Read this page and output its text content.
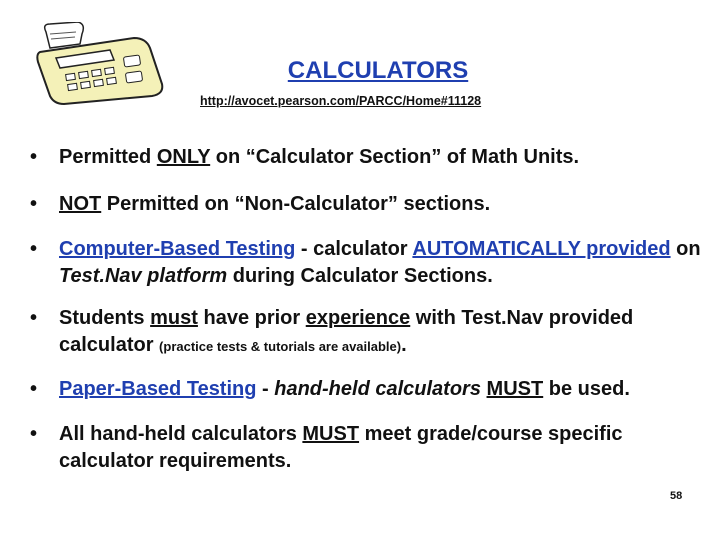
CALCULATORS
http://avocet.pearson.com/PARCC/Home#11128
• Permitted ONLY on “Calculator Section” of Math Units.
• NOT Permitted on “Non-Calculator” sections.
• Computer-Based Testing - calculator AUTOMATICALLY provided on Test.Nav platform during Calculator Sections.
• Students must have prior experience with Test.Nav provided calculator (practice tests & tutorials are available).
• Paper-Based Testing - hand-held calculators MUST be used.
• All hand-held calculators MUST meet grade/course specific calculator requirements.
58
